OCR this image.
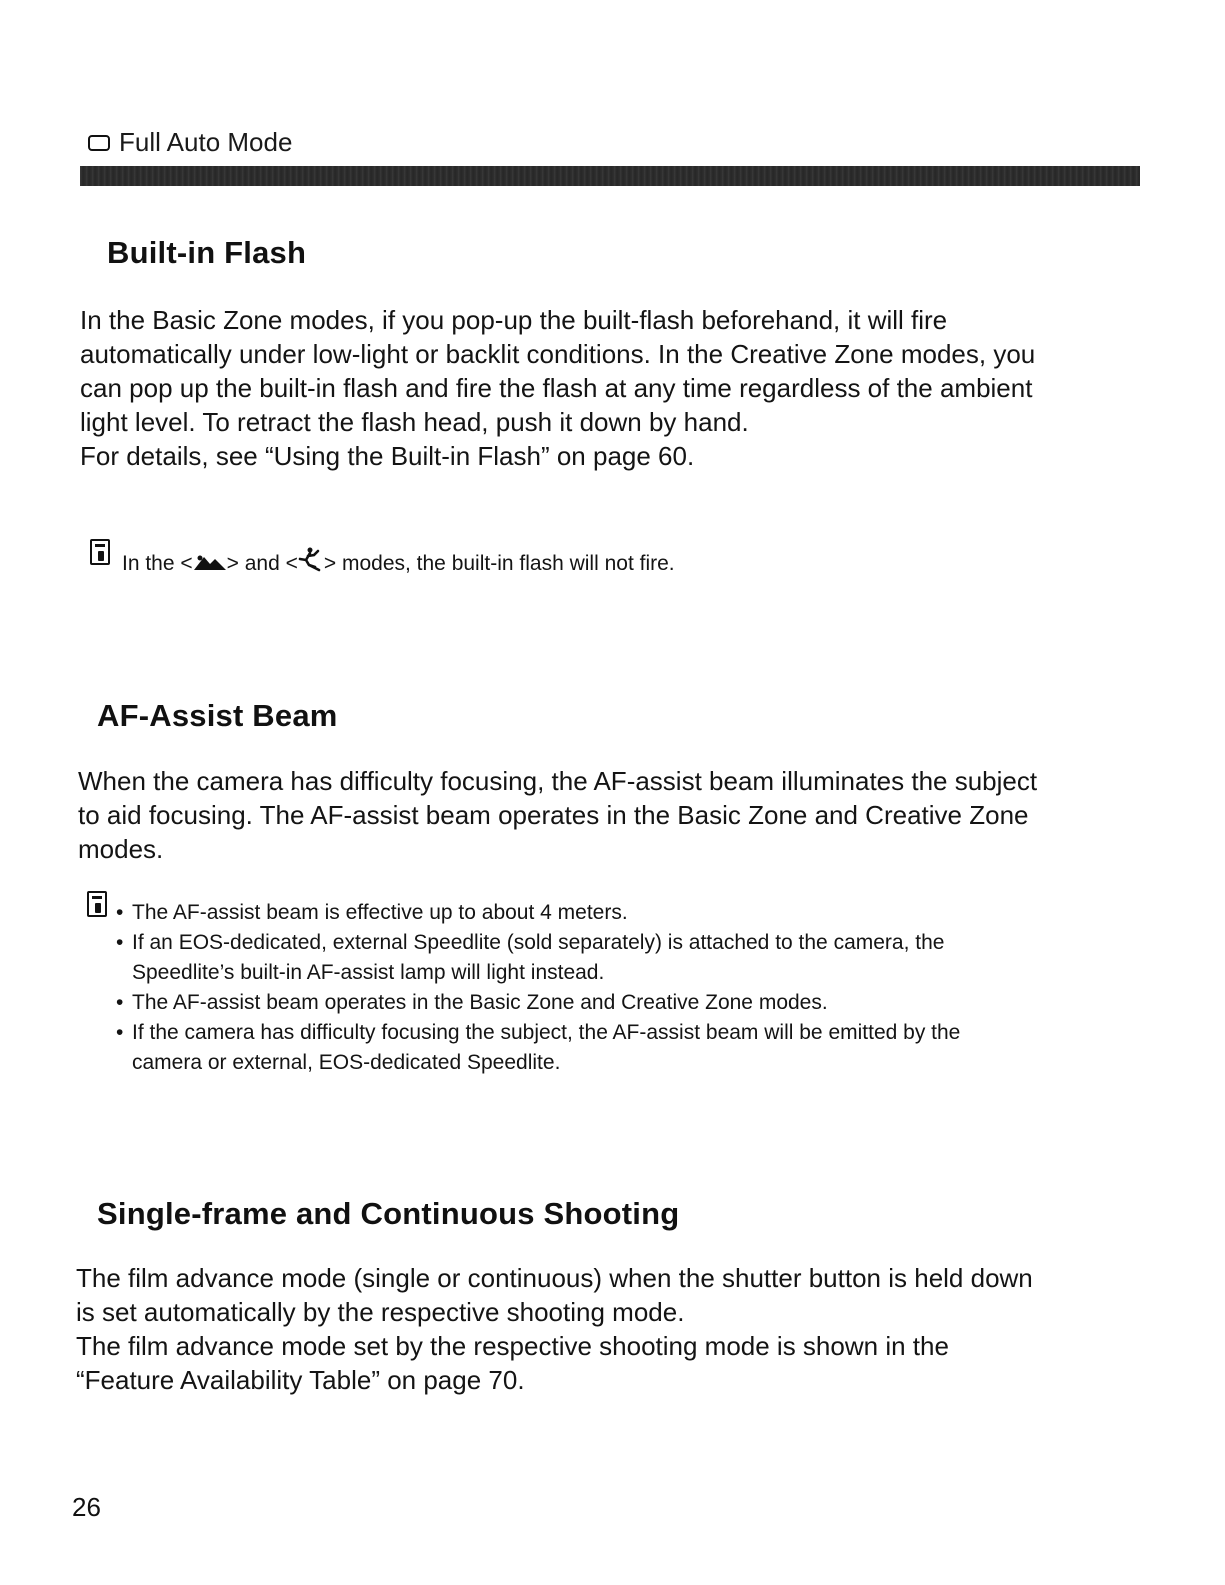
Full Auto Mode
Built-in Flash

In the Basic Zone modes, if you pop-up the built-flash beforehand, it will fire automatically under low-light or backlit conditions. In the Creative Zone modes, you can pop up the built-in flash and fire the flash at any time regardless of the ambient light level. To retract the flash head, push it down by hand.

For details, see “Using the Built-in Flash” on page 60.

In the < > and < > modes, the built-in flash will not fire.
AF-Assist Beam

When the camera has difficulty focusing, the AF-assist beam illuminates the subject to aid focusing. The AF-assist beam operates in the Basic Zone and Creative Zone modes.

• The AF-assist beam is effective up to about 4 meters.
• If an EOS-dedicated, external Speedlite (sold separately) is attached to the camera, the Speedlite’s built-in AF-assist lamp will light instead.
• The AF-assist beam operates in the Basic Zone and Creative Zone modes.
• If the camera has difficulty focusing the subject, the AF-assist beam will be emitted by the camera or external, EOS-dedicated Speedlite.
Single-frame and Continuous Shooting

The film advance mode (single or continuous) when the shutter button is held down is set automatically by the respective shooting mode.

The film advance mode set by the respective shooting mode is shown in the “Feature Availability Table” on page 70.

26
